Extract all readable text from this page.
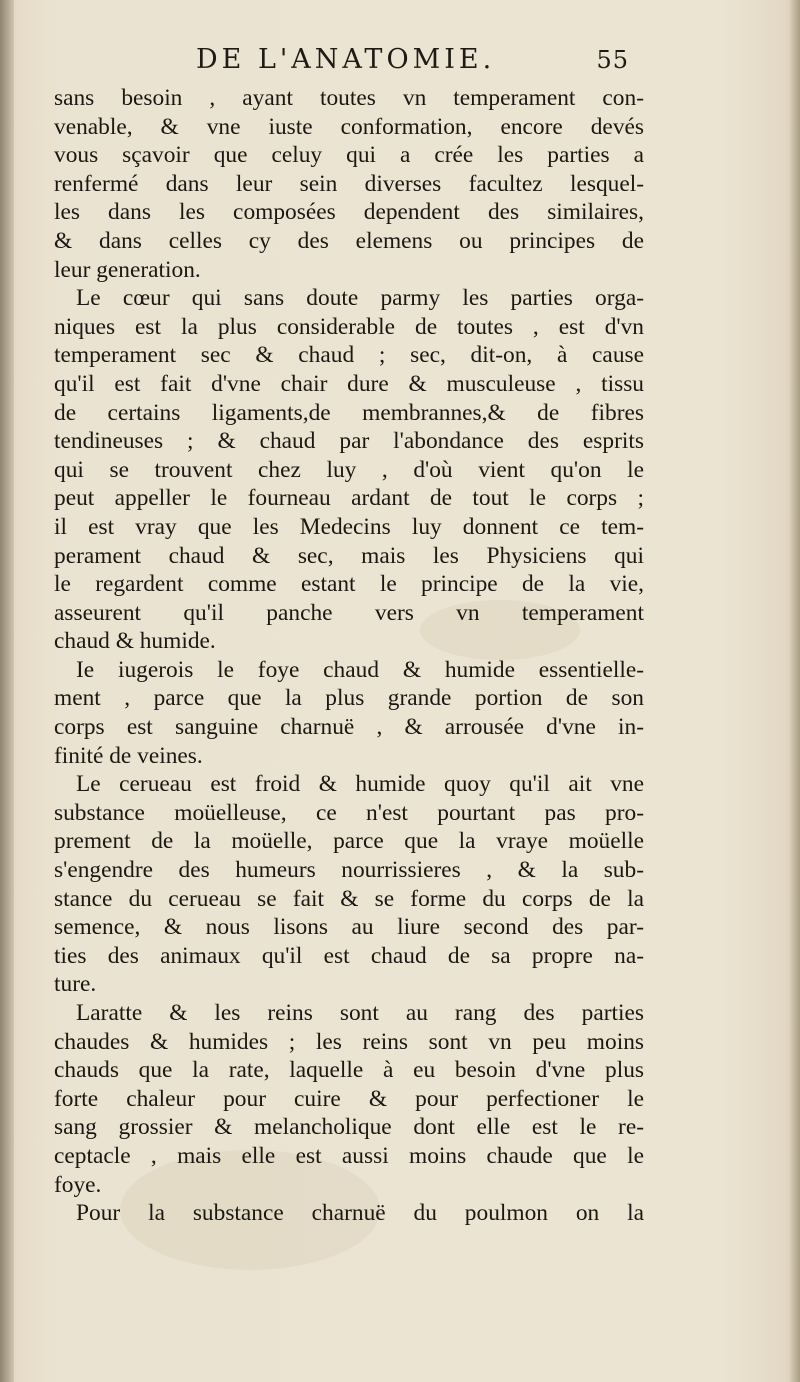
DE L'ANATOMIE.	55
sans besoin , ayant toutes vn temperament con-
venable, & vne iuste conformation, encore devés
vous sçavoir que celuy qui a crée les parties a
renfermé dans leur sein diverses facultez lesquel-
les dans les composées dependent des similaires,
& dans celles cy des elemens ou principes de
leur generation.
Le cœur qui sans doute parmy les parties orga-
niques est la plus considerable de toutes , est d'vn
temperament sec & chaud ; sec, dit-on, à cause
qu'il est fait d'vne chair dure & musculeuse , tissu
de certains ligaments,de membrannes,& de fibres
tendineuses ; & chaud par l'abondance des esprits
qui se trouvent chez luy , d'où vient qu'on le
peut appeller le fourneau ardant de tout le corps ;
il est vray que les Medecins luy donnent ce tem-
perament chaud & sec, mais les Physiciens qui
le regardent comme estant le principe de la vie,
asseurent qu'il panche vers vn temperament
chaud & humide.
Ie iugerois le foye chaud & humide essentielle-
ment , parce que la plus grande portion de son
corps est sanguine charnuë , & arrousée d'vne in-
finité de veines.
Le cerueau est froid & humide quoy qu'il ait vne
substance moüelleuse, ce n'est pourtant pas pro-
prement de la moüelle, parce que la vraye moüelle
s'engendre des humeurs nourrissieres , & la sub-
stance du cerueau se fait & se forme du corps de la
semence, & nous lisons au liure second des par-
ties des animaux qu'il est chaud de sa propre na-
ture.
Laratte & les reins sont au rang des parties
chaudes & humides ; les reins sont vn peu moins
chauds que la rate, laquelle à eu besoin d'vne plus
forte chaleur pour cuire & pour perfectioner le
sang grossier & melancholique dont elle est le re-
ceptacle , mais elle est aussi moins chaude que le
foye.
Pour la substance charnuë du poulmon on la
